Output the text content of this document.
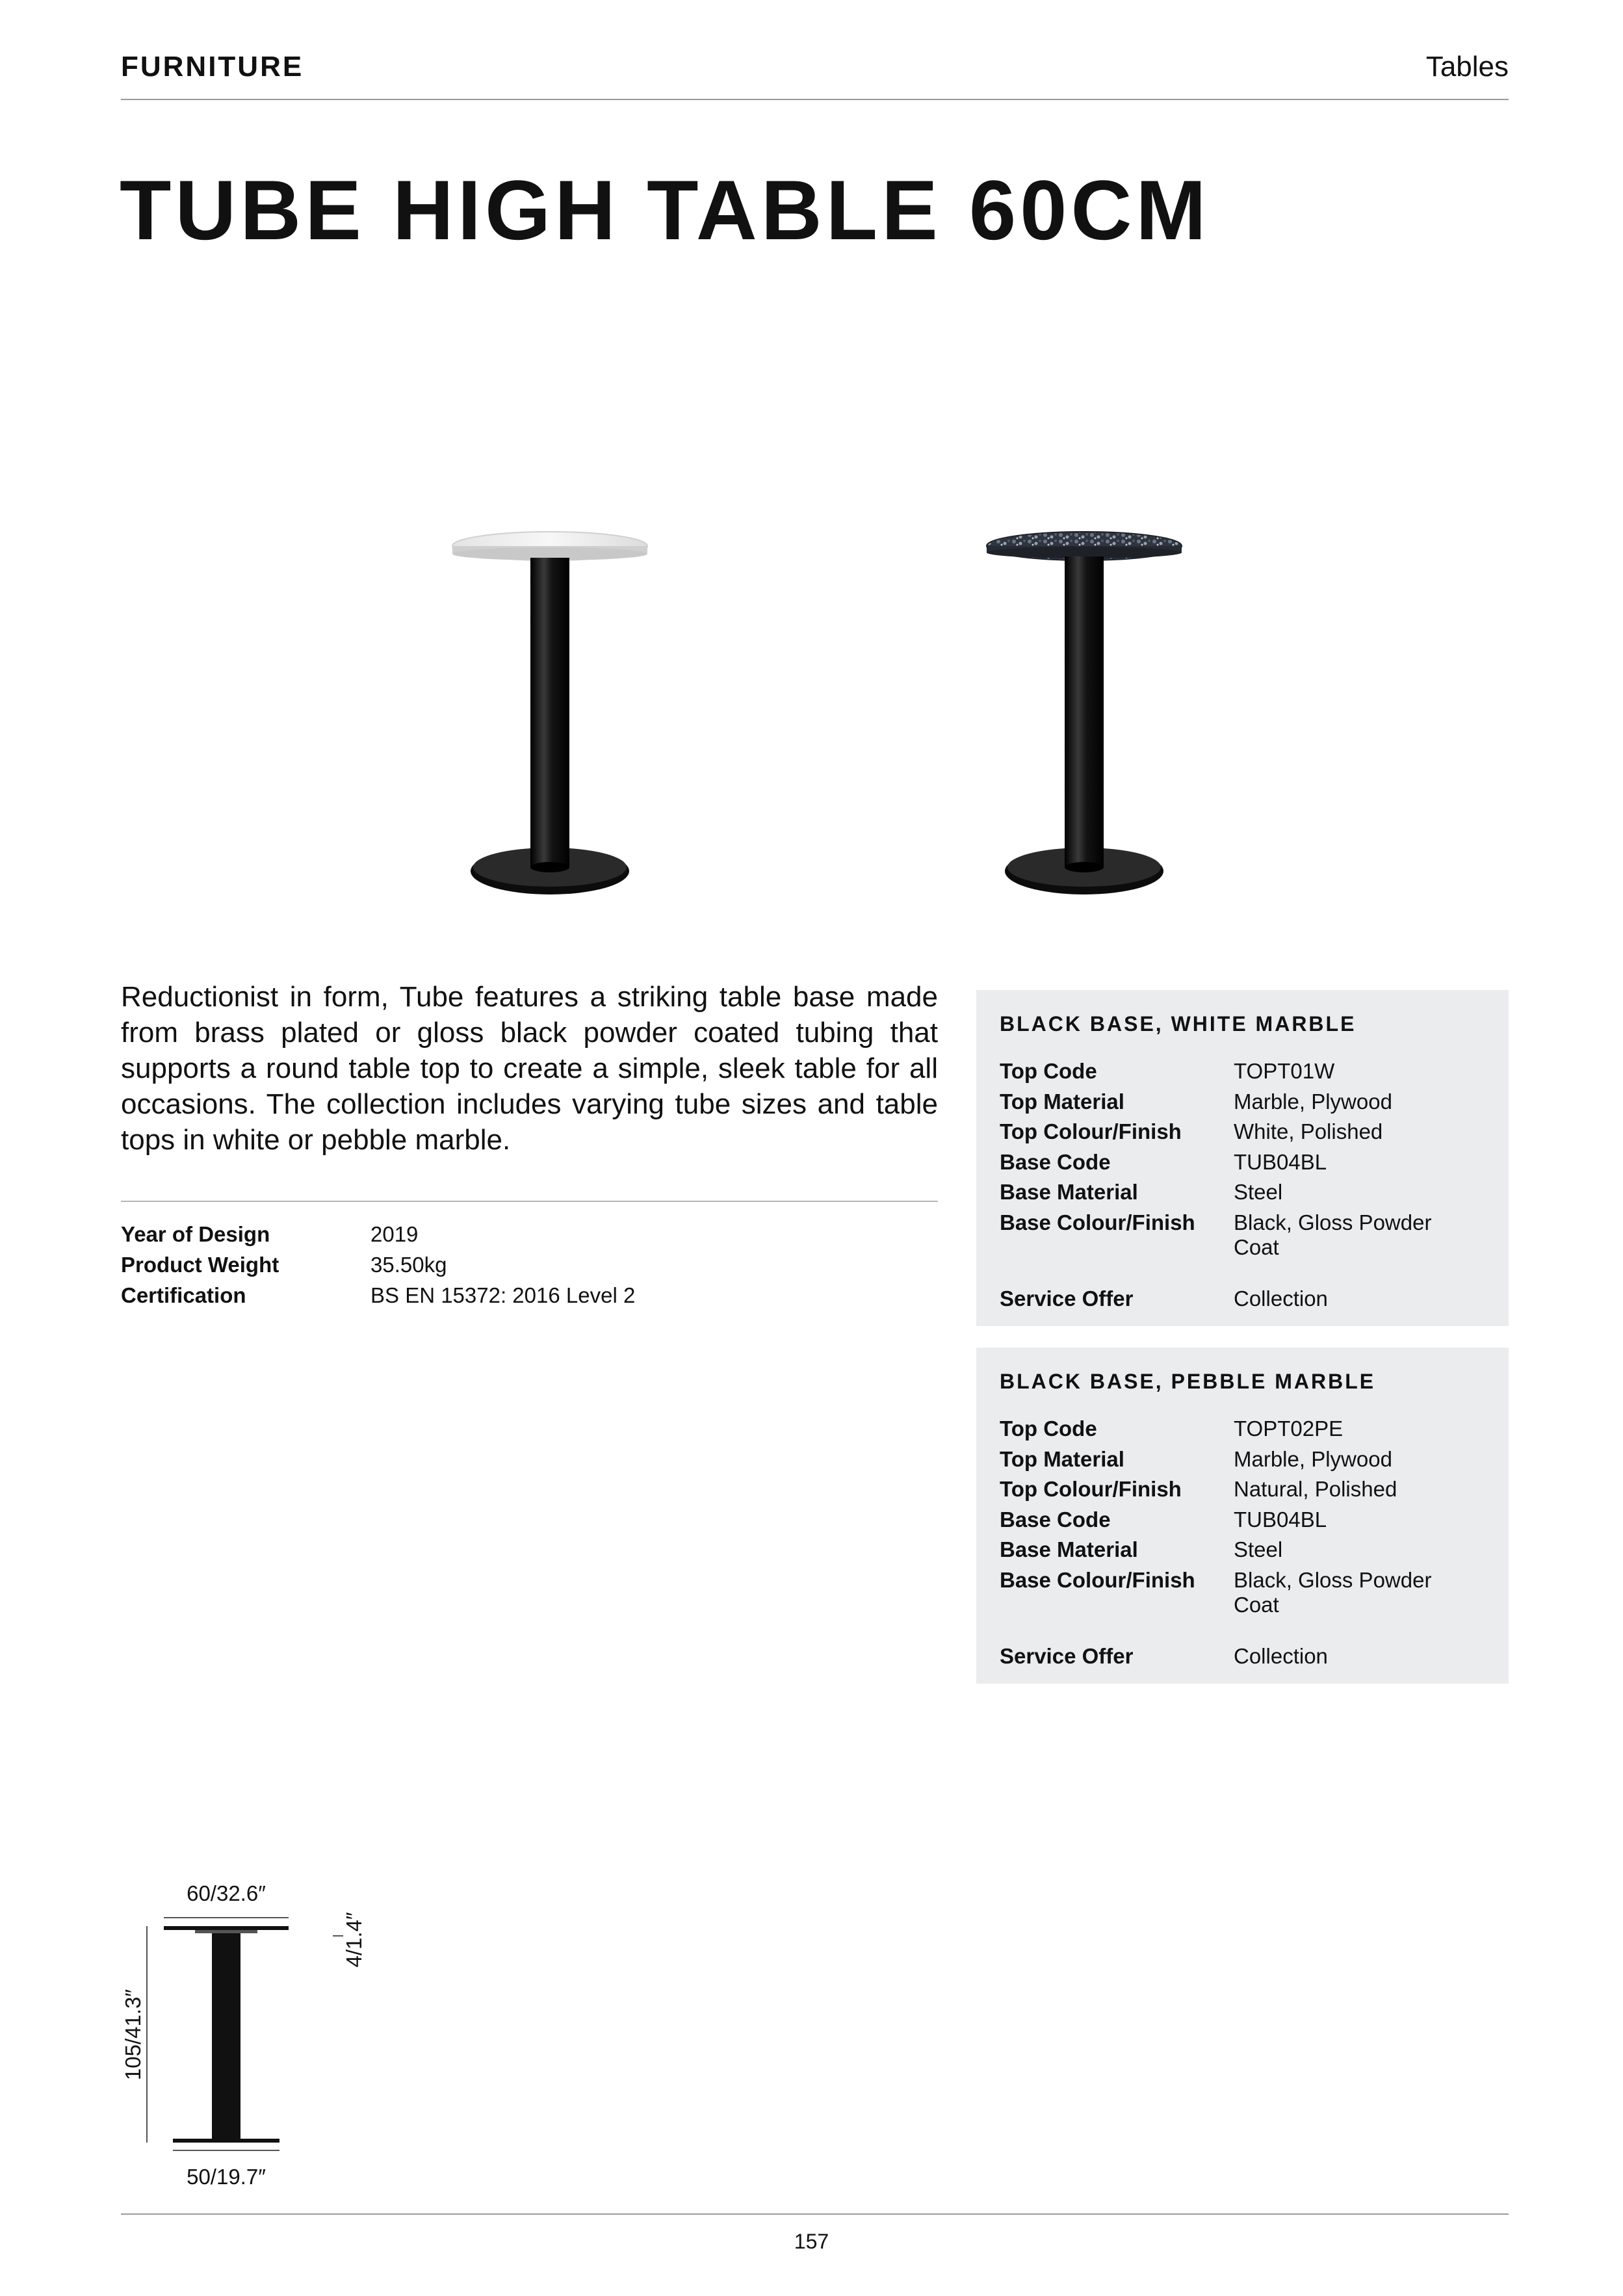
FURNITURE	Tables
TUBE HIGH TABLE 60CM

Reductionist in form, Tube features a striking table base made from brass plated or gloss black powder coated tubing that supports a round table top to create a simple, sleek table for all occasions. The collection includes varying tube sizes and table tops in white or pebble marble.

Year of Design	2019
Product Weight	35.50kg
Certification	BS EN 15372: 2016 Level 2
BLACK BASE, WHITE MARBLE
Top Code	TOPT01W
Top Material	Marble, Plywood
Top Colour/Finish	White, Polished
Base Code	TUB04BL
Base Material	Steel
Base Colour/Finish	Black, Gloss Powder Coat
Service Offer	Collection
BLACK BASE, PEBBLE MARBLE
Top Code	TOPT02PE
Top Material	Marble, Plywood
Top Colour/Finish	Natural, Polished
Base Code	TUB04BL
Base Material	Steel
Base Colour/Finish	Black, Gloss Powder Coat
Service Offer	Collection
60/32.6″
50/19.7″
105/41.3″
4/1.4″
157
